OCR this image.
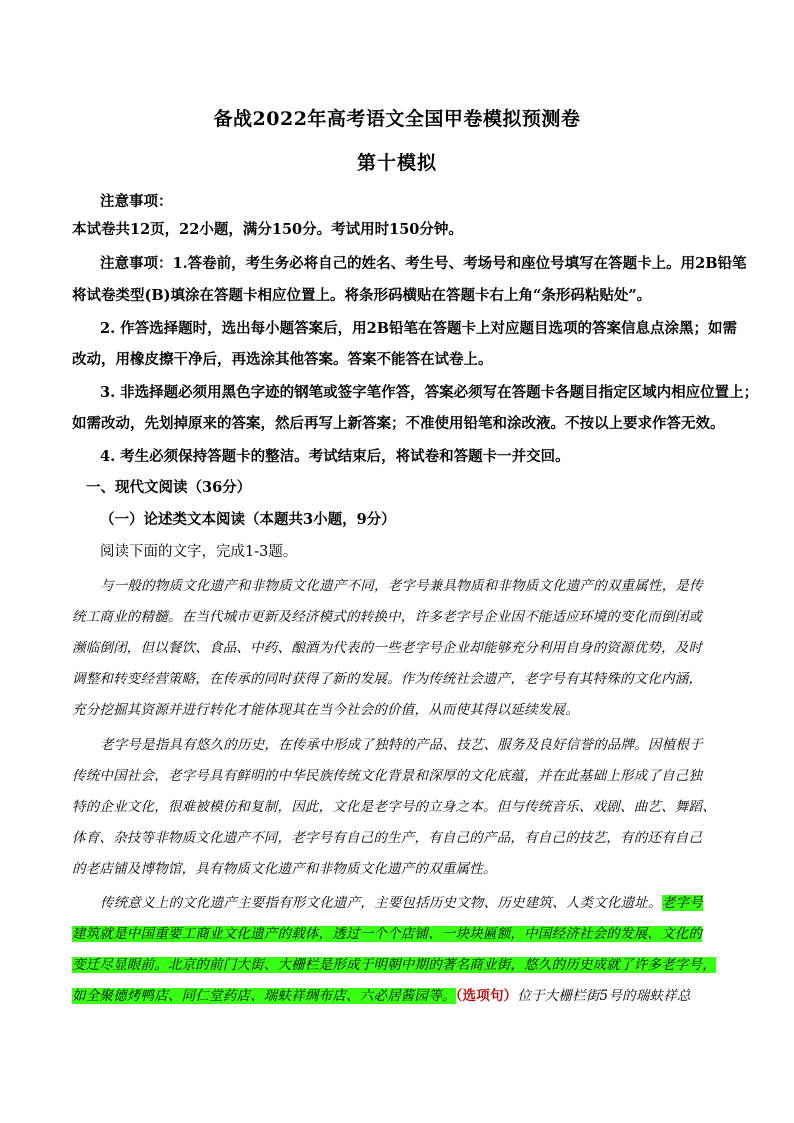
备战2022年高考语文全国甲卷模拟预测卷
第十模拟
注意事项：
本试卷共12页，22小题，满分150分。考试用时150分钟。
注意事项：1.答卷前，考生务必将自己的姓名、考生号、考场号和座位号填写在答题卡上。用2B铅笔
将试卷类型(B)填涂在答题卡相应位置上。将条形码横贴在答题卡右上角“条形码粘贴处”。
2. 作答选择题时，选出每小题答案后，用2B铅笔在答题卡上对应题目选项的答案信息点涂黑；如需
改动，用橡皮擦干净后，再选涂其他答案。答案不能答在试卷上。
3. 非选择题必须用黑色字迹的钢笔或签字笔作答，答案必须写在答题卡各题目指定区域内相应位置上；
如需改动，先划掉原来的答案，然后再写上新答案；不准使用铅笔和涂改液。不按以上要求作答无效。
4. 考生必须保持答题卡的整洁。考试结束后，将试卷和答题卡一并交回。
一、现代文阅读（36分）
（一）论述类文本阅读（本题共3小题，9分）
阅读下面的文字，完成1-3题。
与一般的物质文化遗产和非物质文化遗产不同，老字号兼具物质和非物质文化遗产的双重属性，是传
统工商业的精髓。在当代城市更新及经济模式的转换中，许多老字号企业因不能适应环境的变化而倒闭或
濒临倒闭，但以餐饮、食品、中药、酿酒为代表的一些老字号企业却能够充分利用自身的资源优势，及时
调整和转变经营策略，在传承的同时获得了新的发展。作为传统社会遗产，老字号有其特殊的文化内涵，
充分挖掘其资源并进行转化才能体现其在当今社会的价值，从而使其得以延续发展。
老字号是指具有悠久的历史，在传承中形成了独特的产品、技艺、服务及良好信誉的品牌。因植根于
传统中国社会，老字号具有鲜明的中华民族传统文化背景和深厚的文化底蕴，并在此基础上形成了自己独
特的企业文化，很难被模仿和复制，因此，文化是老字号的立身之本。但与传统音乐、戏剧、曲艺、舞蹈、
体育、杂技等非物质文化遗产不同，老字号有自己的生产，有自己的产品，有自己的技艺，有的还有自己
的老店铺及博物馆，具有物质文化遗产和非物质文化遗产的双重属性。
传统意义上的文化遗产主要指有形文化遗产，主要包括历史文物、历史建筑、人类文化遗址。老字号
建筑就是中国重要工商业文化遗产的载体，透过一个个店铺、一块块匾额，中国经济社会的发展、文化的
变迁尽显眼前。北京的前门大街、大栅栏是形成于明朝中期的著名商业街，悠久的历史成就了许多老字号，
如全聚德烤鸭店、同仁堂药店、瑞蚨祥绸布店、六必居酱园等。（选项句）位于大栅栏街5号的瑞蚨祥总
